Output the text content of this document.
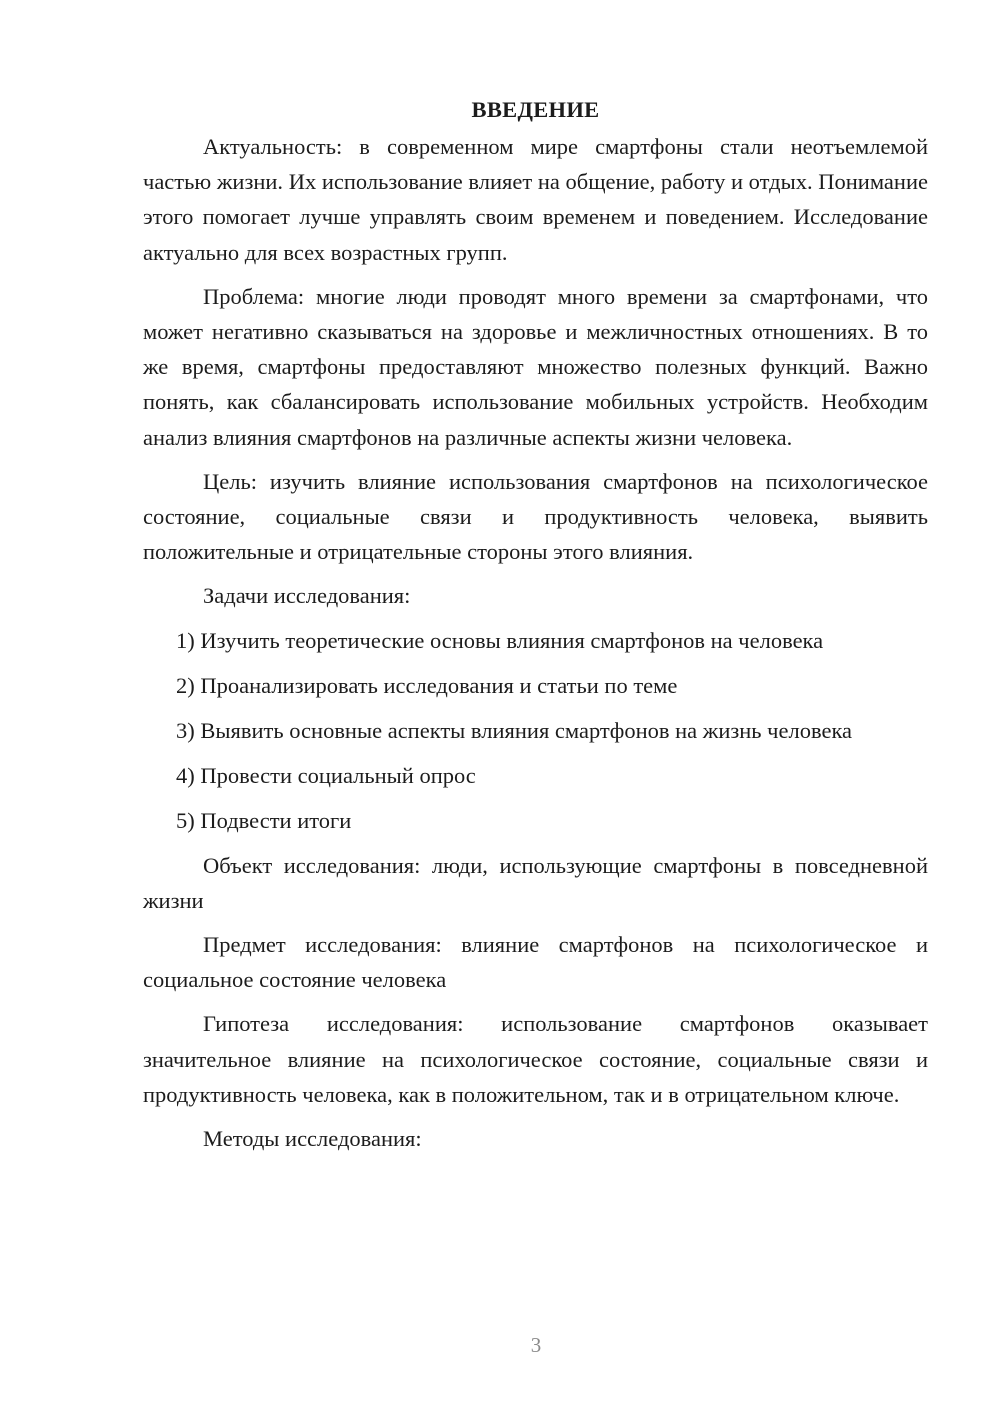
ВВЕДЕНИЕ

Актуальность: в современном мире смартфоны стали неотъемлемой частью жизни. Их использование влияет на общение, работу и отдых. Понимание этого помогает лучше управлять своим временем и поведением. Исследование актуально для всех возрастных групп.

Проблема: многие люди проводят много времени за смартфонами, что может негативно сказываться на здоровье и межличностных отношениях. В то же время, смартфоны предоставляют множество полезных функций. Важно понять, как сбалансировать использование мобильных устройств. Необходим анализ влияния смартфонов на различные аспекты жизни человека.

Цель: изучить влияние использования смартфонов на психологическое состояние, социальные связи и продуктивность человека, выявить положительные и отрицательные стороны этого влияния.

Задачи исследования:

1) Изучить теоретические основы влияния смартфонов на человека
2) Проанализировать исследования и статьи по теме
3) Выявить основные аспекты влияния смартфонов на жизнь человека
4) Провести социальный опрос
5) Подвести итоги

Объект исследования: люди, использующие смартфоны в повседневной жизни

Предмет исследования: влияние смартфонов на психологическое и социальное состояние человека

Гипотеза исследования: использование смартфонов оказывает значительное влияние на психологическое состояние, социальные связи и продуктивность человека, как в положительном, так и в отрицательном ключе.

Методы исследования:

3
